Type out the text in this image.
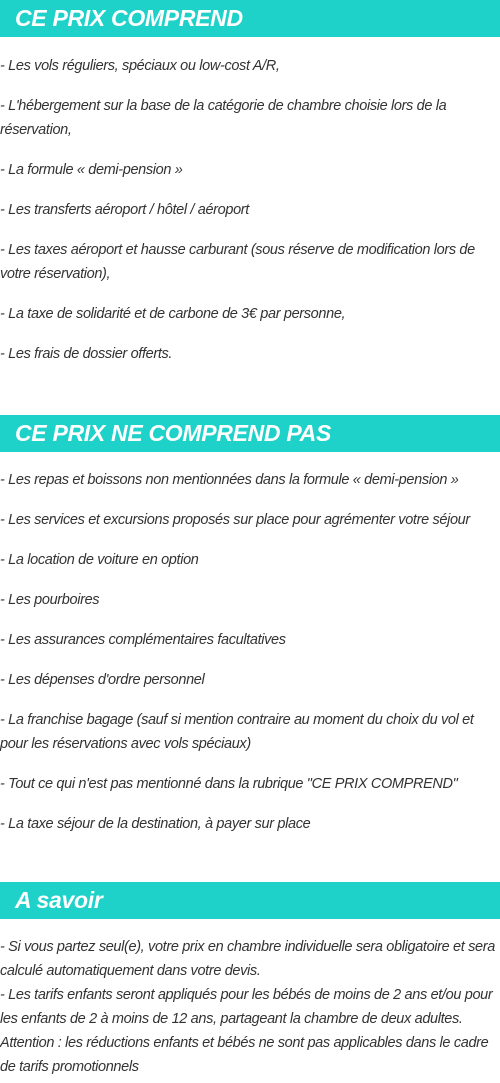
CE PRIX COMPREND
- Les vols réguliers, spéciaux ou low-cost A/R,
- L'hébergement sur la base de la catégorie de chambre choisie lors de la réservation,
- La formule « demi-pension »
- Les transferts aéroport / hôtel / aéroport
- Les taxes aéroport et hausse carburant (sous réserve de modification lors de votre réservation),
- La taxe de solidarité et de carbone de 3€ par personne,
- Les frais de dossier offerts.
CE PRIX NE COMPREND PAS
- Les repas et boissons non mentionnées dans la formule « demi-pension »
- Les services et excursions proposés sur place pour agrémenter votre séjour
- La location de voiture en option
- Les pourboires
- Les assurances complémentaires facultatives
- Les dépenses d'ordre personnel
- La franchise bagage (sauf si mention contraire au moment du choix du vol et pour les réservations avec vols spéciaux)
- Tout ce qui n'est pas mentionné dans la rubrique "CE PRIX COMPREND"
- La taxe séjour de la destination, à payer sur place
A savoir
- Si vous partez seul(e), votre prix en chambre individuelle sera obligatoire et sera calculé automatiquement dans votre devis.
- Les tarifs enfants seront appliqués pour les bébés de moins de 2 ans et/ou pour les enfants de 2 à moins de 12 ans, partageant la chambre de deux adultes.
Attention : les réductions enfants et bébés ne sont pas applicables dans le cadre de tarifs promotionnels
